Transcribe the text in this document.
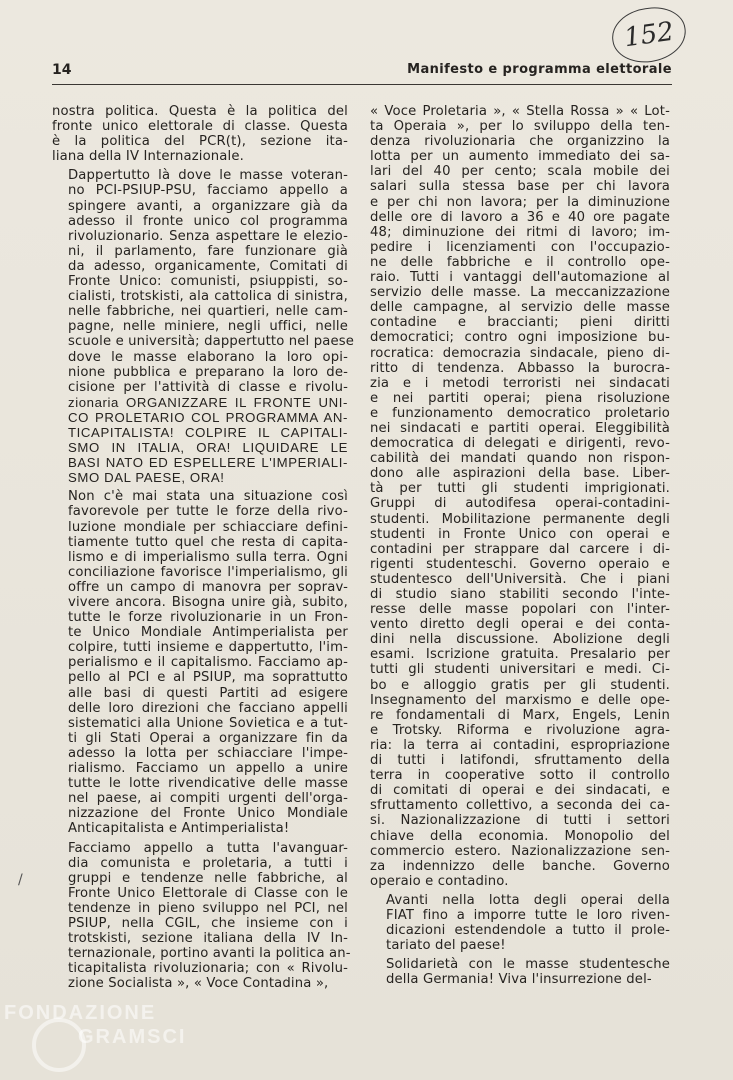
152
14	Manifesto e programma elettorale
/

nostra politica. Questa è la politica del
fronte unico elettorale di classe. Questa
è la politica del PCR(t), sezione ita-
liana della IV Internazionale.

Dappertutto là dove le masse voteran-
no PCI-PSIUP-PSU, facciamo appello a
spingere avanti, a organizzare già da
adesso il fronte unico col programma
rivoluzionario. Senza aspettare le elezio-
ni, il parlamento, fare funzionare già
da adesso, organicamente, Comitati di
Fronte Unico: comunisti, psiuppisti, so-
cialisti, trotskisti, ala cattolica di sinistra,
nelle fabbriche, nei quartieri, nelle cam-
pagne, nelle miniere, negli uffici, nelle
scuole e università; dappertutto nel paese
dove le masse elaborano la loro opi-
nione pubblica e preparano la loro de-
cisione per l'attività di classe e rivolu-
zionaria ORGANIZZARE IL FRONTE UNI-
CO PROLETARIO COL PROGRAMMA AN-
TICAPITALISTA! COLPIRE IL CAPITALI-
SMO IN ITALIA, ORA! LIQUIDARE LE
BASI NATO ED ESPELLERE L'IMPERIALI-
SMO DAL PAESE, ORA!

Non c'è mai stata una situazione così
favorevole per tutte le forze della rivo-
luzione mondiale per schiacciare defini-
tiamente tutto quel che resta di capita-
lismo e di imperialismo sulla terra. Ogni
conciliazione favorisce l'imperialismo, gli
offre un campo di manovra per soprav-
vivere ancora. Bisogna unire già, subito,
tutte le forze rivoluzionarie in un Fron-
te Unico Mondiale Antimperialista per
colpire, tutti insieme e dappertutto, l'im-
perialismo e il capitalismo. Facciamo ap-
pello al PCI e al PSIUP, ma soprattutto
alle basi di questi Partiti ad esigere
delle loro direzioni che facciano appelli
sistematici alla Unione Sovietica e a tut-
ti gli Stati Operai a organizzare fin da
adesso la lotta per schiacciare l'impe-
rialismo. Facciamo un appello a unire
tutte le lotte rivendicative delle masse
nel paese, ai compiti urgenti dell'orga-
nizzazione del Fronte Unico Mondiale
Anticapitalista e Antimperialista!

Facciamo appello a tutta l'avanguar-
dia comunista e proletaria, a tutti i
gruppi e tendenze nelle fabbriche, al
Fronte Unico Elettorale di Classe con le
tendenze in pieno sviluppo nel PCI, nel
PSIUP, nella CGIL, che insieme con i
trotskisti, sezione italiana della IV In-
ternazionale, portino avanti la politica an-
ticapitalista rivoluzionaria; con « Rivolu-
zione Socialista », « Voce Contadina »,

« Voce Proletaria », « Stella Rossa » « Lot-
ta Operaia », per lo sviluppo della ten-
denza rivoluzionaria che organizzino la
lotta per un aumento immediato dei sa-
lari del 40 per cento; scala mobile dei
salari sulla stessa base per chi lavora
e per chi non lavora; per la diminuzione
delle ore di lavoro a 36 e 40 ore pagate
48; diminuzione dei ritmi di lavoro; im-
pedire i licenziamenti con l'occupazio-
ne delle fabbriche e il controllo ope-
raio. Tutti i vantaggi dell'automazione al
servizio delle masse. La meccanizzazione
delle campagne, al servizio delle masse
contadine e braccianti; pieni diritti
democratici; contro ogni imposizione bu-
rocratica: democrazia sindacale, pieno di-
ritto di tendenza. Abbasso la burocra-
zia e i metodi terroristi nei sindacati
e nei partiti operai; piena risoluzione
e funzionamento democratico proletario
nei sindacati e partiti operai. Eleggibilità
democratica di delegati e dirigenti, revo-
cabilità dei mandati quando non rispon-
dono alle aspirazioni della base. Liber-
tà per tutti gli studenti imprigionati.
Gruppi di autodifesa operai-contadini-
studenti. Mobilitazione permanente degli
studenti in Fronte Unico con operai e
contadini per strappare dal carcere i di-
rigenti studenteschi. Governo operaio e
studentesco dell'Università. Che i piani
di studio siano stabiliti secondo l'inte-
resse delle masse popolari con l'inter-
vento diretto degli operai e dei conta-
dini nella discussione. Abolizione degli
esami. Iscrizione gratuita. Presalario per
tutti gli studenti universitari e medi. Ci-
bo e alloggio gratis per gli studenti.
Insegnamento del marxismo e delle ope-
re fondamentali di Marx, Engels, Lenin
e Trotsky. Riforma e rivoluzione agra-
ria: la terra ai contadini, espropriazione
di tutti i latifondi, sfruttamento della
terra in cooperative sotto il controllo
di comitati di operai e dei sindacati, e
sfruttamento collettivo, a seconda dei ca-
si. Nazionalizzazione di tutti i settori
chiave della economia. Monopolio del
commercio estero. Nazionalizzazione sen-
za indennizzo delle banche. Governo
operaio e contadino.

Avanti nella lotta degli operai della
FIAT fino a imporre tutte le loro riven-
dicazioni estendendole a tutto il prole-
tariato del paese!

Solidarietà con le masse studentesche
della Germania! Viva l'insurrezione del-

FONDAZIONE
GRAMSCI
